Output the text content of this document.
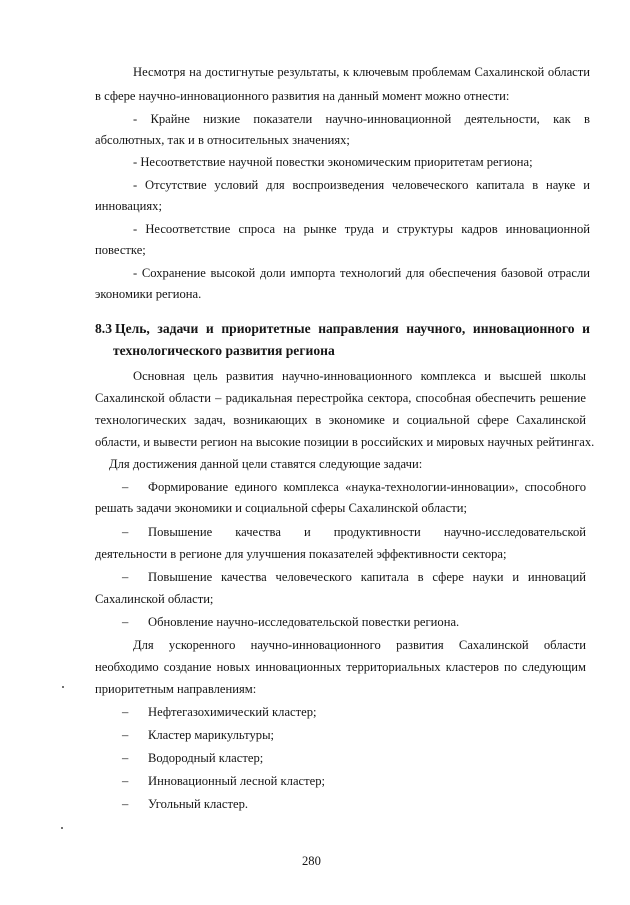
Несмотря на достигнутые результаты, к ключевым проблемам Сахалинской области
в сфере научно-инновационного развития на данный момент можно отнести:
- Крайне низкие показатели научно-инновационной деятельности, как в
абсолютных, так и в относительных значениях;
- Несоответствие научной повестки экономическим приоритетам региона;
- Отсутствие условий для воспроизведения человеческого капитала в науке и
инновациях;
- Несоответствие спроса на рынке труда и структуры кадров инновационной
повестке;
- Сохранение высокой доли импорта технологий для обеспечения базовой отрасли
экономики региона.
8.3 Цель, задачи и приоритетные направления научного, инновационного и
технологического развития региона
Основная цель развития научно-инновационного комплекса и высшей школы
Сахалинской области – радикальная перестройка сектора, способная обеспечить решение
технологических задач, возникающих в экономике и социальной сфере Сахалинской
области, и вывести регион на высокие позиции в российских и мировых научных рейтингах.
Для достижения данной цели ставятся следующие задачи:
– Формирование единого комплекса «наука-технологии-инновации», способного
решать задачи экономики и социальной сферы Сахалинской области;
– Повышение качества и продуктивности научно-исследовательской
деятельности в регионе для улучшения показателей эффективности сектора;
– Повышение качества человеческого капитала в сфере науки и инноваций
Сахалинской области;
– Обновление научно-исследовательской повестки региона.
Для ускоренного научно-инновационного развития Сахалинской области
необходимо создание новых инновационных территориальных кластеров по следующим
приоритетным направлениям:
– Нефтегазохимический кластер;
– Кластер марикультуры;
– Водородный кластер;
– Инновационный лесной кластер;
– Угольный кластер.
280
